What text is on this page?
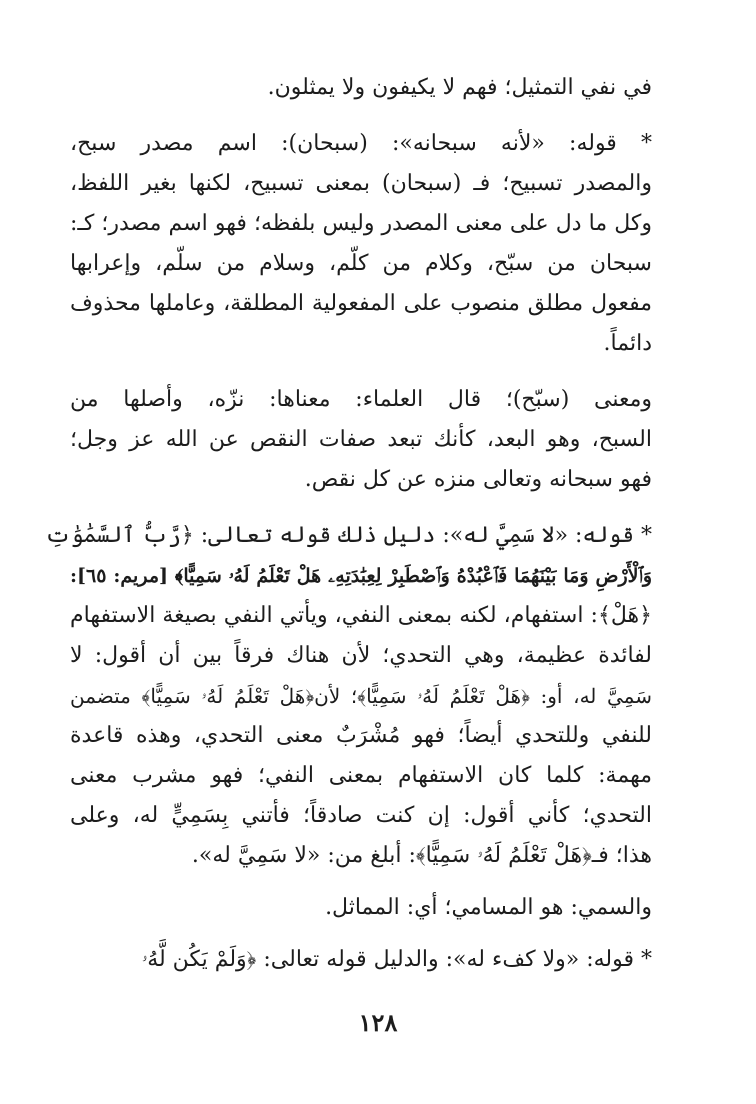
في نفي التمثيل؛ فهم لا يكيفون ولا يمثلون.

* قوله: «لأنه سبحانه»: (سبحان): اسم مصدر سبح،
والمصدر تسبيح؛ فـ (سبحان) بمعنى تسبيح، لكنها بغير اللفظ،
وكل ما دل على معنى المصدر وليس بلفظه؛ فهو اسم مصدر؛ كـ:
سبحان من سبّح، وكلام من كلّم، وسلام من سلّم، وإعرابها
مفعول مطلق منصوب على المفعولية المطلقة، وعاملها محذوف
دائماً.

ومعنى (سبّح)؛ قال العلماء: معناها: نزّه، وأصلها من
السبح، وهو البعد، كأنك تبعد صفات النقص عن الله عز وجل؛
فهو سبحانه وتعالى منزه عن كل نقص.

* قوله: «لا سَمِيَّ له»: دليل ذلك قوله تعالى: ﴿رَّبُّ ٱلسَّمَٰوَٰتِ
وَٱلْأَرْضِ وَمَا بَيْنَهُمَا فَٱعْبُدْهُ وَٱصْطَبِرْ لِعِبَٰدَتِهِۦ هَلْ تَعْلَمُ لَهُۥ سَمِيًّا﴾ [مريم: ٦٥]:
﴿هَلْ﴾: استفهام، لكنه بمعنى النفي، ويأتي النفي بصيغة الاستفهام
لفائدة عظيمة، وهي التحدي؛ لأن هناك فرقاً بين أن أقول: لا
سَمِيَّ له، أو: ﴿هَلْ تَعْلَمُ لَهُۥ سَمِيًّا﴾؛ لأن﴿هَلْ تَعْلَمُ لَهُۥ سَمِيًّا﴾ متضمن
للنفي وللتحدي أيضاً؛ فهو مُشْرَبٌ معنى التحدي، وهذه قاعدة
مهمة: كلما كان الاستفهام بمعنى النفي؛ فهو مشرب معنى
التحدي؛ كأني أقول: إن كنت صادقاً؛ فأتني بِسَمِيٍّ له، وعلى
هذا؛ فـ﴿هَلْ تَعْلَمُ لَهُۥ سَمِيًّا﴾: أبلغ من: «لا سَمِيَّ له».

والسمي: هو المسامي؛ أي: المماثل.

* قوله: «ولا كفء له»: والدليل قوله تعالى: ﴿وَلَمْ يَكُن لَّهُۥ

١٢٨
